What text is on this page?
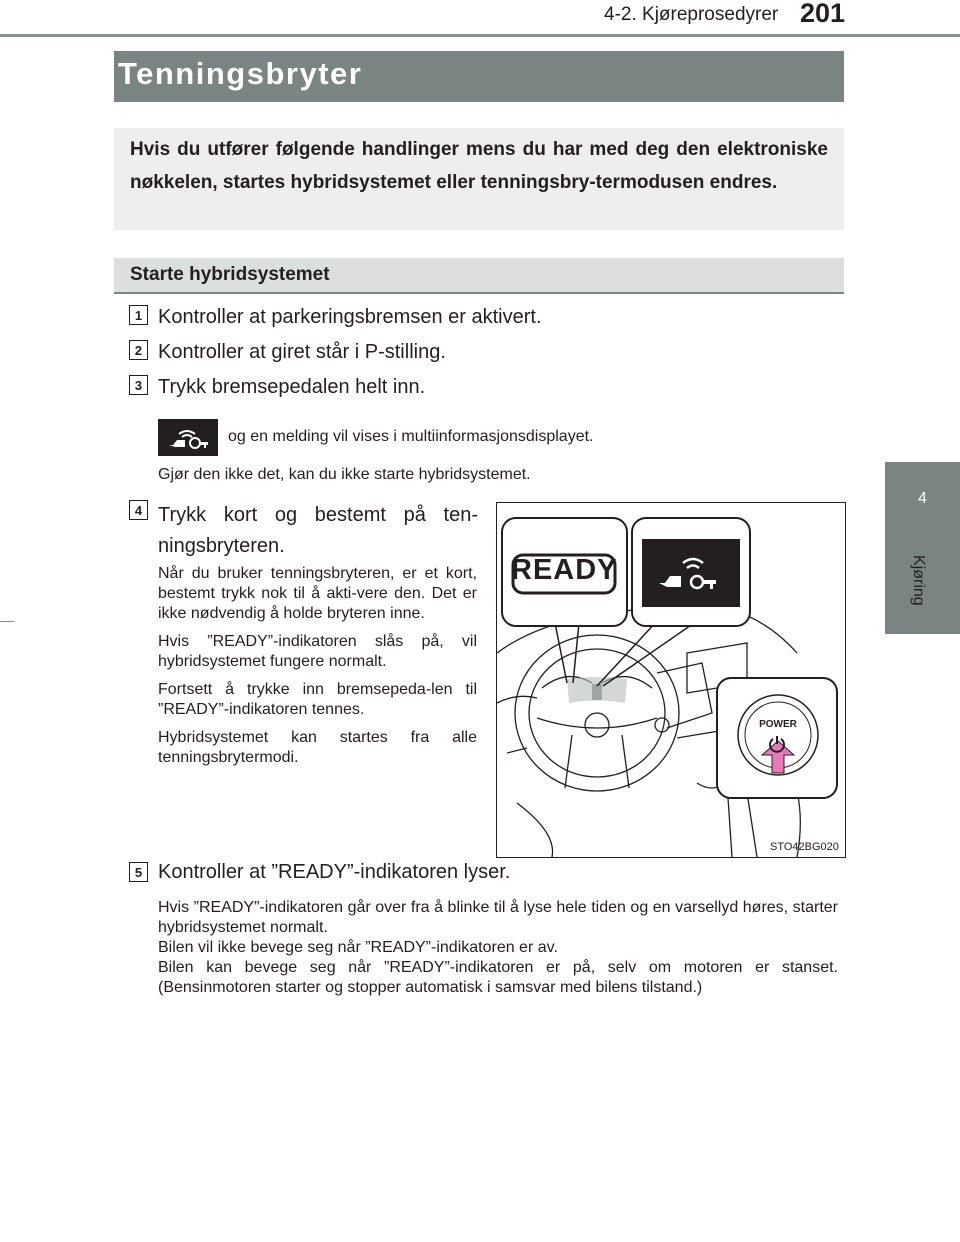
4-2. Kjøreprosedyrer 201
4
Kjøring
Tenningsbryter
Hvis du utfører følgende handlinger mens du har med deg den elektroniske nøkkelen, startes hybridsystemet eller tenningsbry-termodusen endres.
Starte hybridsystemet
1 Kontroller at parkeringsbremsen er aktivert.
2 Kontroller at giret står i P-stilling.
3 Trykk bremsepedalen helt inn.
og en melding vil vises i multiinformasjonsdisplayet.
Gjør den ikke det, kan du ikke starte hybridsystemet.
4 Trykk kort og bestemt på ten-ningsbryteren.

Når du bruker tenningsbryteren, er et kort, bestemt trykk nok til å akti-vere den. Det er ikke nødvendig å holde bryteren inne.

Hvis ”READY”-indikatoren slås på, vil hybridsystemet fungere normalt.

Fortsett å trykke inn bremsepeda-len til ”READY”-indikatoren tennes.

Hybridsystemet kan startes fra alle tenningsbrytermodi.

READY
POWER
STO42BG020
5 Kontroller at ”READY”-indikatoren lyser.

Hvis ”READY”-indikatoren går over fra å blinke til å lyse hele tiden og en varsellyd høres, starter hybridsystemet normalt.

Bilen vil ikke bevege seg når ”READY”-indikatoren er av.

Bilen kan bevege seg når ”READY”-indikatoren er på, selv om motoren er stanset. (Bensinmotoren starter og stopper automatisk i samsvar med bilens tilstand.)
